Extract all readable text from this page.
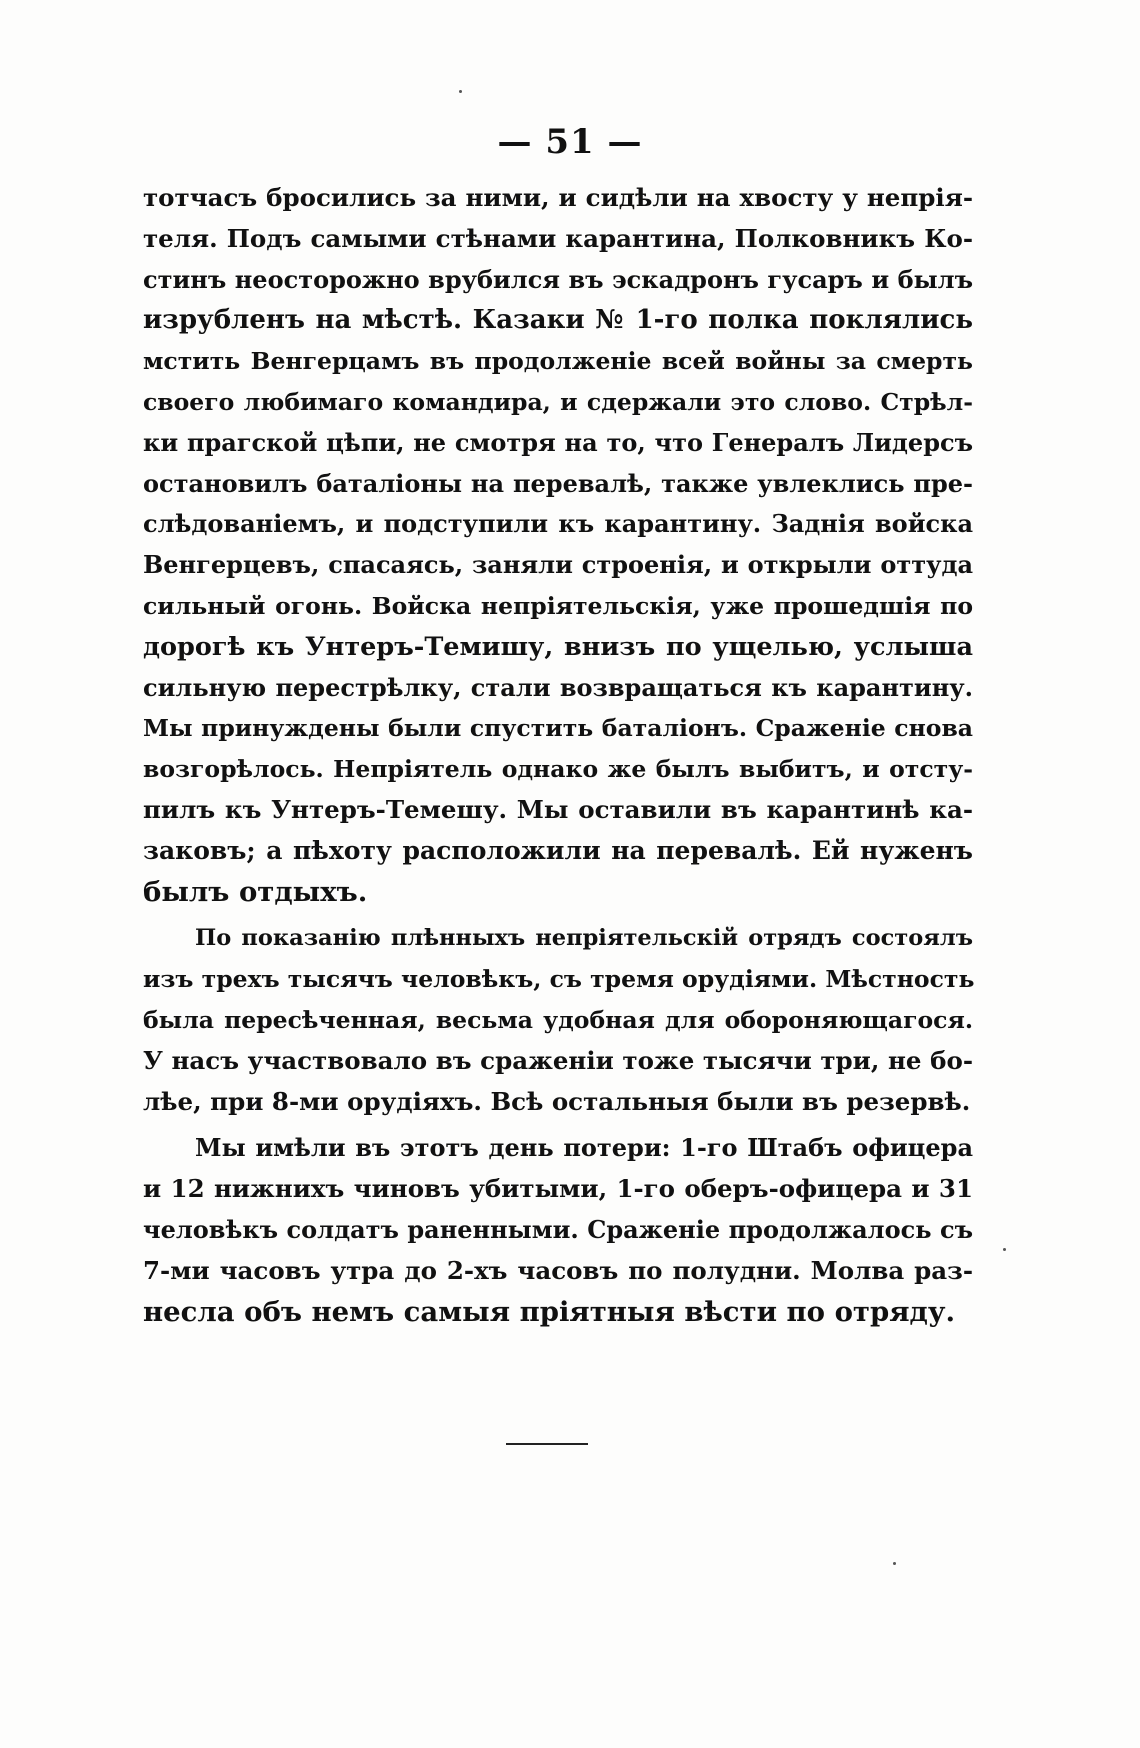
— 51 —
тотчасъ бросились за ними, и сидѣли на хвосту у непрія-
теля. Подъ самыми стѣнами карантина, Полковникъ Ко-
стинъ неосторожно врубился въ эскадронъ гусаръ и былъ
изрубленъ на мѣстѣ. Казаки № 1-го полка поклялись
мстить Венгерцамъ въ продолженіе всей войны за смерть
своего любимаго командира, и сдержали это слово. Стрѣл-
ки прагской цѣпи, не смотря на то, что Генералъ Лидерсъ
остановилъ баталіоны на перевалѣ, также увлеклись пре-
слѣдованіемъ, и подступили къ карантину. Заднія войска
Венгерцевъ, спасаясь, заняли строенія, и открыли оттуда
сильный огонь. Войска непріятельскія, уже прошедшія по
дорогѣ къ Унтеръ-Темишу, внизъ по ущелью, услыша
сильную перестрѣлку, стали возвращаться къ карантину.
Мы принуждены были спустить баталіонъ. Сраженіе снова
возгорѣлось. Непріятель однако же былъ выбитъ, и отсту-
пилъ къ Унтеръ-Темешу. Мы оставили въ карантинѣ ка-
заковъ; а пѣхоту расположили на перевалѣ. Ей нуженъ
былъ отдыхъ.
По показанію плѣнныхъ непріятельскій отрядъ состоялъ
изъ трехъ тысячъ человѣкъ, съ тремя орудіями. Мѣстность
была пересѣченная, весьма удобная для обороняющагося.
У насъ участвовало въ сраженіи тоже тысячи три, не бо-
лѣе, при 8-ми орудіяхъ. Всѣ остальныя были въ резервѣ.
Мы имѣли въ этотъ день потери: 1-го Штабъ офицера
и 12 нижнихъ чиновъ убитыми, 1-го оберъ-офицера и 31
человѣкъ солдатъ раненными. Сраженіе продолжалось съ
7-ми часовъ утра до 2-хъ часовъ по полудни. Молва раз-
несла объ немъ самыя пріятныя вѣсти по отряду.
